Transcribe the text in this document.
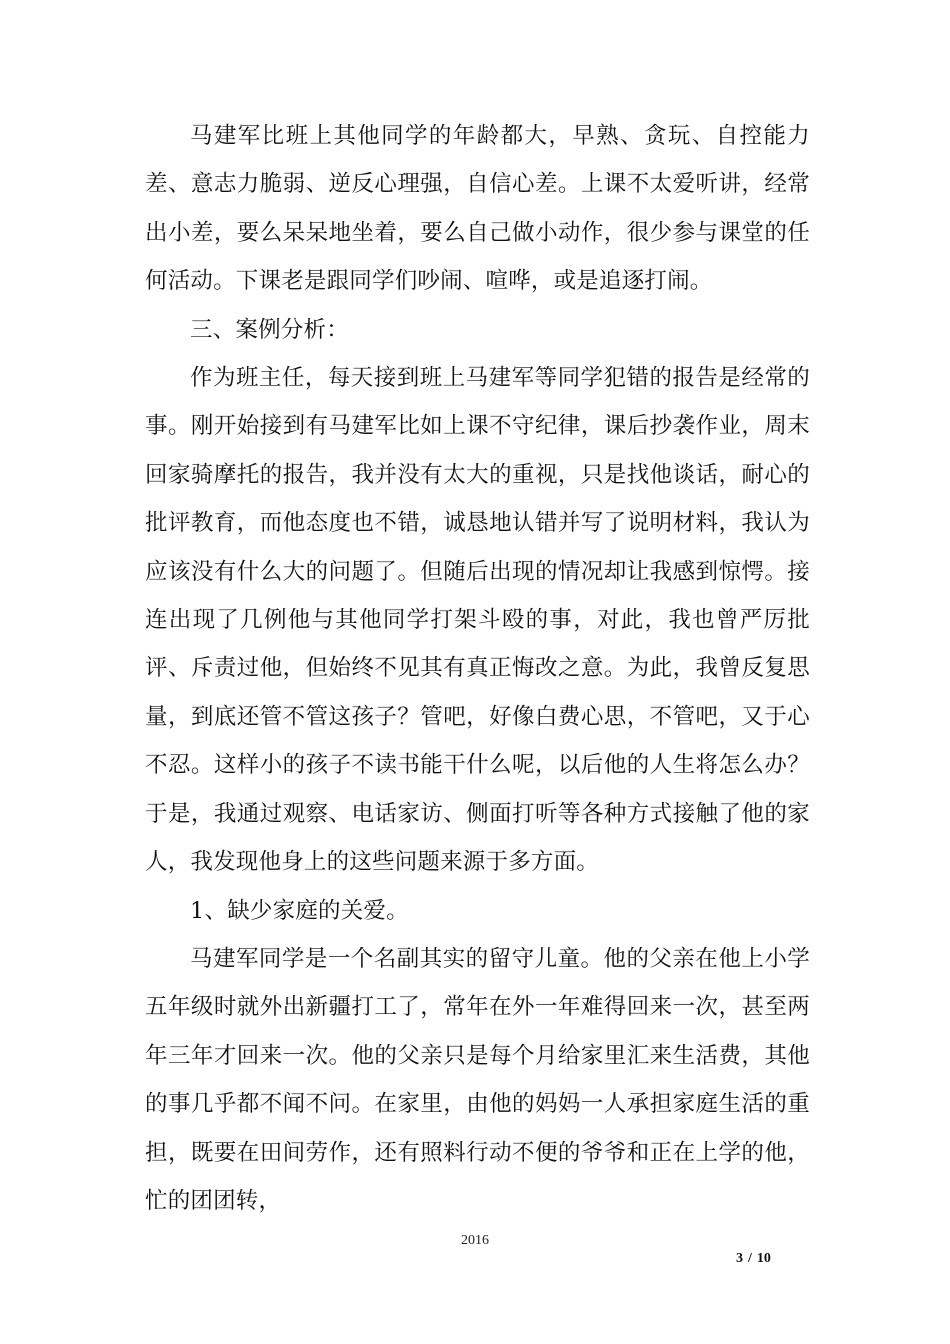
马建军比班上其他同学的年龄都大，早熟、贪玩、自控能力差、意志力脆弱、逆反心理强，自信心差。上课不太爱听讲，经常出小差，要么呆呆地坐着，要么自己做小动作，很少参与课堂的任何活动。下课老是跟同学们吵闹、喧哗，或是追逐打闹。

三、案例分析：

作为班主任，每天接到班上马建军等同学犯错的报告是经常的事。刚开始接到有马建军比如上课不守纪律，课后抄袭作业，周末回家骑摩托的报告，我并没有太大的重视，只是找他谈话，耐心的批评教育，而他态度也不错，诚恳地认错并写了说明材料，我认为应该没有什么大的问题了。但随后出现的情况却让我感到惊愕。接连出现了几例他与其他同学打架斗殴的事，对此，我也曾严厉批评、斥责过他，但始终不见其有真正悔改之意。为此，我曾反复思量，到底还管不管这孩子？管吧，好像白费心思，不管吧，又于心不忍。这样小的孩子不读书能干什么呢，以后他的人生将怎么办？ 于是，我通过观察、电话家访、侧面打听等各种方式接触了他的家人，我发现他身上的这些问题来源于多方面。

1、缺少家庭的关爱。

马建军同学是一个名副其实的留守儿童。他的父亲在他上小学五年级时就外出新疆打工了，常年在外一年难得回来一次，甚至两年三年才回来一次。他的父亲只是每个月给家里汇来生活费，其他的事几乎都不闻不问。在家里，由他的妈妈一人承担家庭生活的重担，既要在田间劳作，还有照料行动不便的爷爷和正在上学的他，忙的团团转，

2016
3 / 10
